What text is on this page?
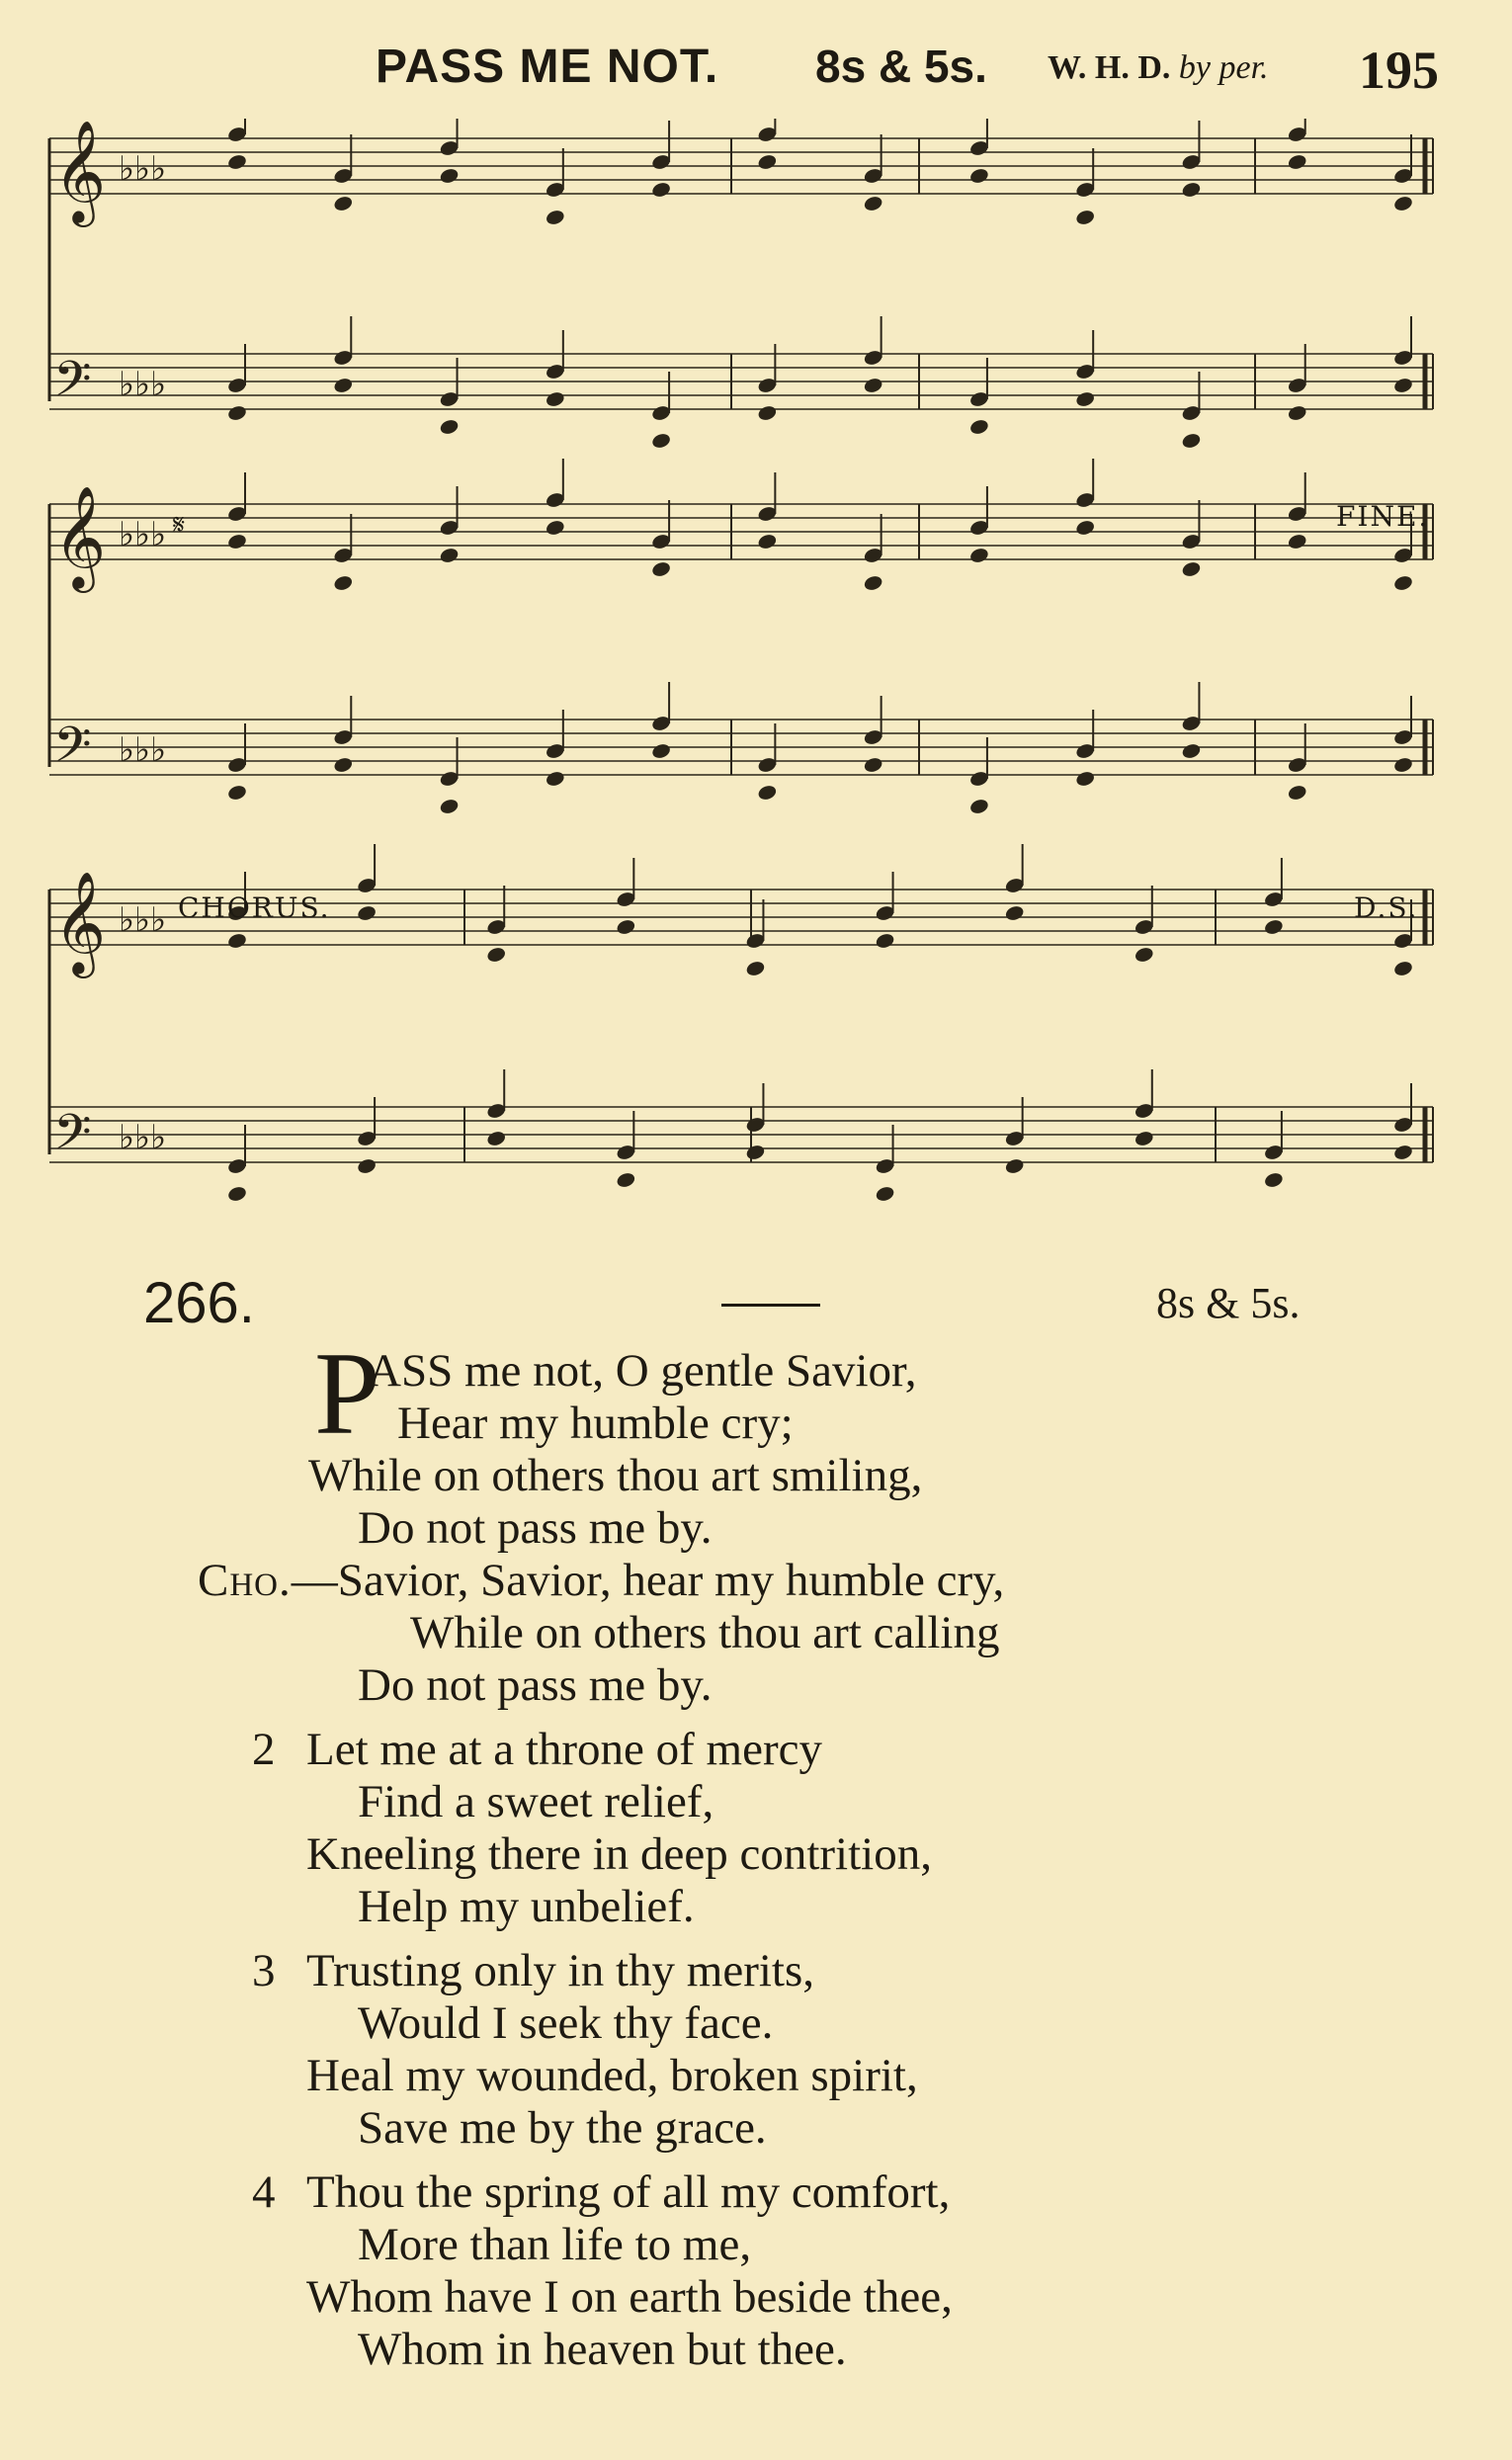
PASS ME NOT. 8s & 5s. W. H. D. by per. 195
𝄞 ♭♭♭
𝄢 ♭♭♭
𝄞 ♭♭♭
𝄢 ♭♭♭
𝄞 ♭♭♭
𝄢 ♭♭♭
𝄋	FINE.
CHORUS.	D.S.
266.	8s & 5s.
P
ASS me not, O gentle Savior,
Hear my humble cry;
While on others thou art smiling,
Do not pass me by.
Cho.—Savior, Savior, hear my humble cry,
While on others thou art calling
Do not pass me by.
2 Let me at a throne of mercy
Find a sweet relief,
Kneeling there in deep contrition,
Help my unbelief.
3 Trusting only in thy merits,
Would I seek thy face.
Heal my wounded, broken spirit,
Save me by the grace.
4 Thou the spring of all my comfort,
More than life to me,
Whom have I on earth beside thee,
Whom in heaven but thee.
